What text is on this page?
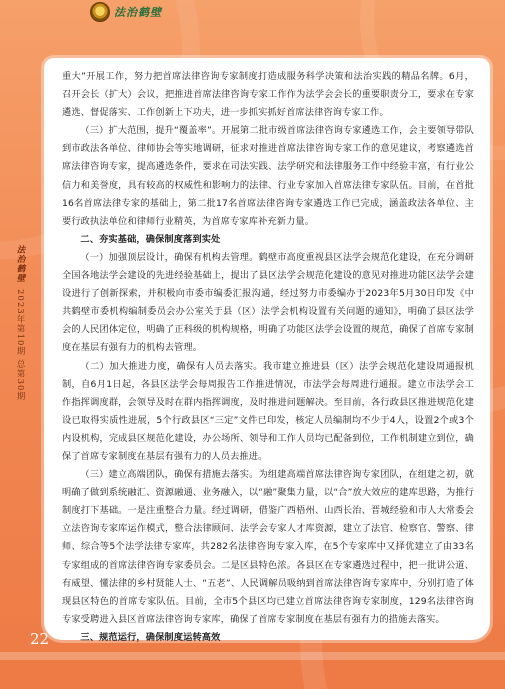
法治鹤壁
法治鹤壁
2023年第10期 总第30期

重大”开展工作，努力把首席法律咨询专家制度打造成服务科学决策和法治实践的精品名牌。6月，召开会长（扩大）会议，把推进首席法律咨询专家工作作为法学会会长的重要职责分工，要求在专家遴选、督促落实、工作创新上下功夫，进一步抓实抓好首席法律咨询专家工作。

（三）扩大范围，提升“覆盖率”。开展第二批市级首席法律咨询专家遴选工作，会主要领导带队到市政法各单位、律师协会等实地调研，征求对推进首席法律咨询专家工作的意见建议，考察遴选首席法律咨询专家，提高遴选条件，要求在司法实践、法学研究和法律服务工作中经验丰富，有行业公信力和美誉度，具有较高的权威性和影响力的法律、行业专家加入首席法律专家队伍。目前，在首批16名首席法律专家的基础上，第二批17名首席法律咨询专家遴选工作已完成，涵盖政法各单位、主要行政执法单位和律师行业精英，为首席专家库补充新力量。

二、夯实基础，确保制度落到实处

（一）加强顶层设计，确保有机构去管理。鹤壁市高度重视县区法学会规范化建设，在充分调研全国各地法学会建设的先进经验基础上，提出了县区法学会规范化建设的意见对推进功能区法学会建设进行了创新探索，并积极向市委市编委汇报沟通，经过努力市委编办于2023年5月30日印发《中共鹤壁市委机构编制委员会办公室关于县（区）法学会机构设置有关问题的通知》，明确了县区法学会的人民团体定位，明确了正科级的机构规格，明确了功能区法学会设置的规范，确保了首席专家制度在基层有强有力的机构去管理。

（二）加大推进力度，确保有人员去落实。我市建立推进县（区）法学会规范化建设周通报机制，自6月1日起，各县区法学会每周报告工作推进情况，市法学会每周进行通报。建立市法学会工作指挥调度群，会领导及时在群内指挥调度，及时推进问题解决。至目前，各行政县区推进规范化建设已取得实质性进展，5个行政县区“三定”文件已印发，核定人员编制均不少于4人，设置2个或3个内设机构，完成县区规范化建设，办公场所、领导和工作人员均已配备到位，工作机制建立到位，确保了首席专家制度在基层有强有力的人员去推进。

（三）建立高端团队，确保有措施去落实。为组建高端首席法律咨询专家团队，在组建之初，就明确了做到系统融汇、资源融通、业务融入，以“融”聚集力量，以“合”放大效应的建库思路，为推行制度打下基础。一是注重整合力量。经过调研，借鉴广西梧州、山西长治、晋城经验和市人大常委会立法咨询专家库运作模式，整合法律顾问、法学会专家人才库资源，建立了法官、检察官、警察、律师、综合等5个法学法律专家库，共282名法律咨询专家入库，在5个专家库中又择优建立了由33名专家组成的首席法律咨询专家委员会。二是区县特色浓。各县区在专家遴选过程中，把一批讲公道、有威望、懂法律的乡村贤能人士、“五老”、人民调解员吸纳到首席法律咨询专家库中，分别打造了体现县区特色的首席专家队伍。目前，全市5个县区均已建立首席法律咨询专家制度，129名法律咨询专家受聘进入县区首席法律咨询专家库，确保了首席专家制度在基层有强有力的措施去落实。

三、规范运行，确保制度运转高效

22
